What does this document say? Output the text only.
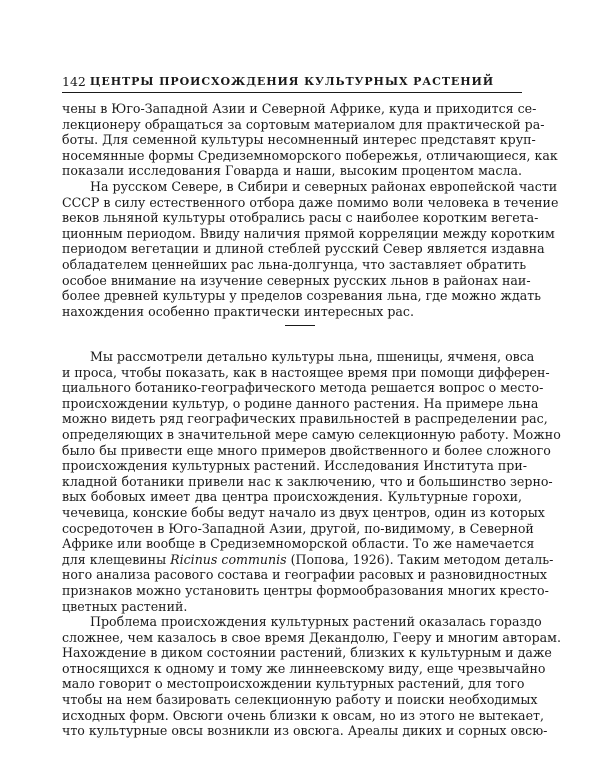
142 ЦЕНТРЫ ПРОИСХОЖДЕНИЯ КУЛЬТУРНЫХ РАСТЕНИЙ
чены в Юго-Западной Азии и Северной Африке, куда и приходится се-
лекционеру обращаться за сортовым материалом для практической ра-
боты. Для семенной культуры несомненный интерес представят круп-
носемянные формы Средиземноморского побережья, отличающиеся, как
показали исследования Говарда и наши, высоким процентом масла.
На русском Севере, в Сибири и северных районах европейской части
СССР в силу естественного отбора даже помимо воли человека в течение
веков льняной культуры отобрались расы с наиболее коротким вегета-
ционным периодом. Ввиду наличия прямой корреляции между коротким
периодом вегетации и длиной стеблей русский Север является издавна
обладателем ценнейших рас льна-долгунца, что заставляет обратить
особое внимание на изучение северных русских льнов в районах наи-
более древней культуры у пределов созревания льна, где можно ждать
нахождения особенно практически интересных рас.
Мы рассмотрели детально культуры льна, пшеницы, ячменя, овса
и проса, чтобы показать, как в настоящее время при помощи дифферен-
циального ботанико-географического метода решается вопрос о место-
происхождении культур, о родине данного растения. На примере льна
можно видеть ряд географических правильностей в распределении рас,
определяющих в значительной мере самую селекционную работу. Можно
было бы привести еще много примеров двойственного и более сложного
происхождения культурных растений. Исследования Института при-
кладной ботаники привели нас к заключению, что и большинство зерно-
вых бобовых имеет два центра происхождения. Культурные горохи,
чечевица, конские бобы ведут начало из двух центров, один из которых
сосредоточен в Юго-Западной Азии, другой, по-видимому, в Северной
Африке или вообще в Средиземноморской области. То же намечается
для клещевины Ricinus communis (Попова, 1926). Таким методом деталь-
ного анализа расового состава и географии расовых и разновидностных
признаков можно установить центры формообразования многих кресто-
цветных растений.
Проблема происхождения культурных растений оказалась гораздо
сложнее, чем казалось в свое время Декандолю, Гееру и многим авторам.
Нахождение в диком состоянии растений, близких к культурным и даже
относящихся к одному и тому же линнеевскому виду, еще чрезвычайно
мало говорит о местопроисхождении культурных растений, для того
чтобы на нем базировать селекционную работу и поиски необходимых
исходных форм. Овсюги очень близки к овсам, но из этого не вытекает,
что культурные овсы возникли из овсюга. Ареалы диких и сорных овсю-
